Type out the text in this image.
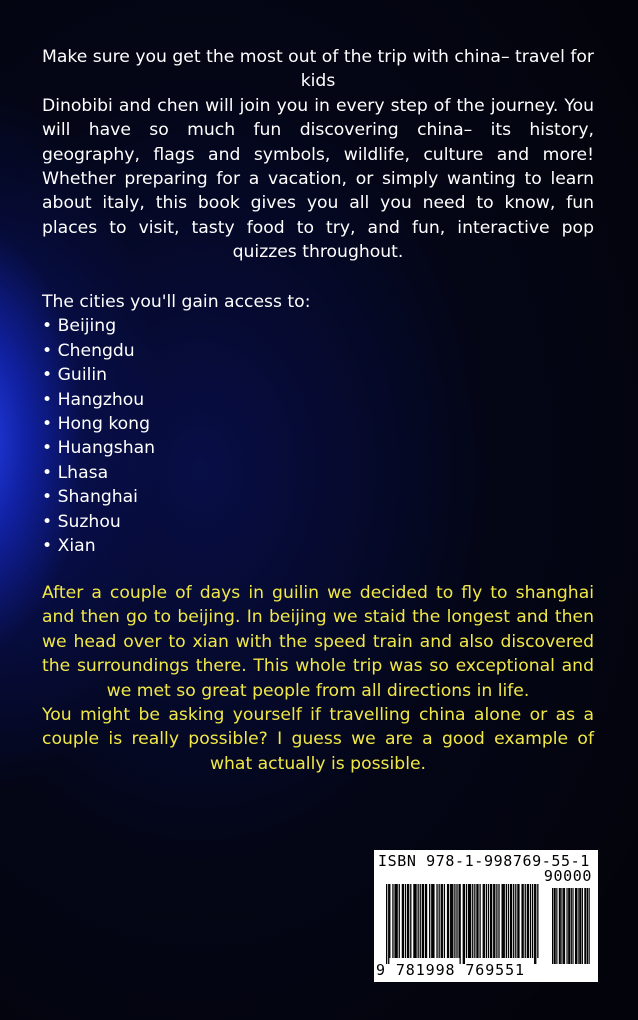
Make sure you get the most out of the trip with china– travel for kids

Dinobibi and chen will join you in every step of the journey. You will have so much fun discovering china– its history, geography, flags and symbols, wildlife, culture and more! Whether preparing for a vacation, or simply wanting to learn about italy, this book gives you all you need to know, fun places to visit, tasty food to try, and fun, interactive pop quizzes throughout.

The cities you'll gain access to:

• Beijing
• Chengdu
• Guilin
• Hangzhou
• Hong kong
• Huangshan
• Lhasa
• Shanghai
• Suzhou
• Xian

After a couple of days in guilin we decided to fly to shanghai and then go to beijing. In beijing we staid the longest and then we head over to xian with the speed train and also discovered the surroundings there. This whole trip was so exceptional and we met so great people from all directions in life.

You might be asking yourself if travelling china alone or as a couple is really possible? I guess we are a good example of what actually is possible.

ISBN 978-1-998769-55-1
90000
9 781998 769551
